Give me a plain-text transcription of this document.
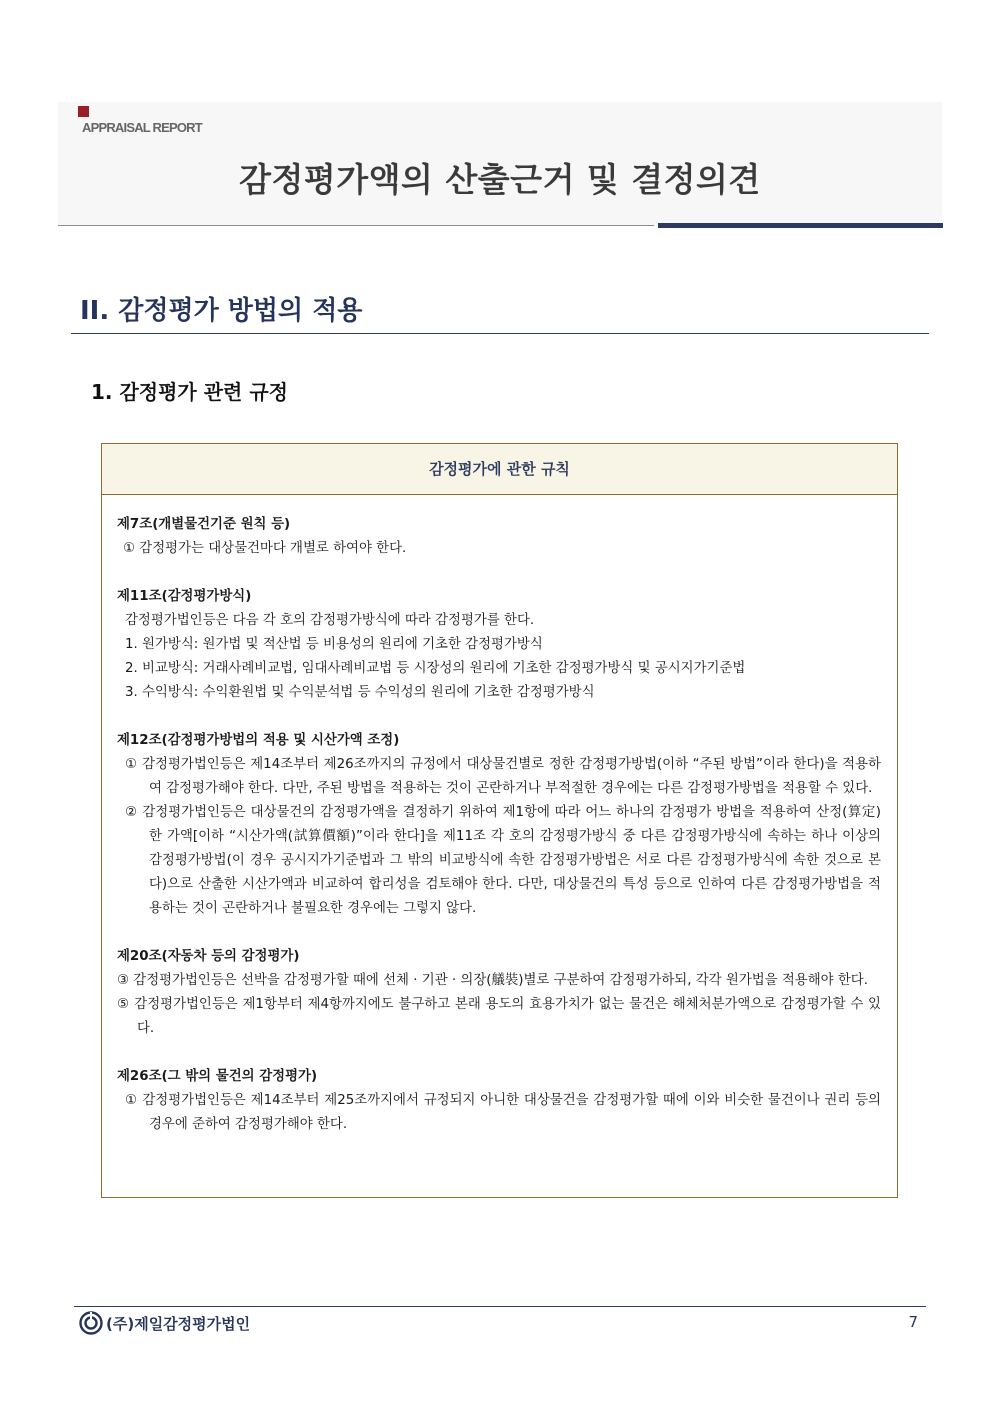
APPRAISAL REPORT
감정평가액의 산출근거 및 결정의견
II. 감정평가 방법의 적용
1. 감정평가 관련 규정
감정평가에 관한 규칙
제7조(개별물건기준 원칙 등)
① 감정평가는 대상물건마다 개별로 하여야 한다.
제11조(감정평가방식)
감정평가법인등은 다음 각 호의 감정평가방식에 따라 감정평가를 한다.
1. 원가방식: 원가법 및 적산법 등 비용성의 원리에 기초한 감정평가방식
2. 비교방식: 거래사례비교법, 임대사례비교법 등 시장성의 원리에 기초한 감정평가방식 및 공시지가기준법
3. 수익방식: 수익환원법 및 수익분석법 등 수익성의 원리에 기초한 감정평가방식
제12조(감정평가방법의 적용 및 시산가액 조정)
① 감정평가법인등은 제14조부터 제26조까지의 규정에서 대상물건별로 정한 감정평가방법(이하 “주된 방법”이라 한다)을 적용하여 감정평가해야 한다. 다만, 주된 방법을 적용하는 것이 곤란하거나 부적절한 경우에는 다른 감정평가방법을 적용할 수 있다.
② 감정평가법인등은 대상물건의 감정평가액을 결정하기 위하여 제1항에 따라 어느 하나의 감정평가 방법을 적용하여 산정(算定)한 가액[이하 “시산가액(試算價額)”이라 한다]을 제11조 각 호의 감정평가방식 중 다른 감정평가방식에 속하는 하나 이상의 감정평가방법(이 경우 공시지가기준법과 그 밖의 비교방식에 속한 감정평가방법은 서로 다른 감정평가방식에 속한 것으로 본다)으로 산출한 시산가액과 비교하여 합리성을 검토해야 한다. 다만, 대상물건의 특성 등으로 인하여 다른 감정평가방법을 적용하는 것이 곤란하거나 불필요한 경우에는 그렇지 않다.
제20조(자동차 등의 감정평가)
③ 감정평가법인등은 선박을 감정평가할 때에 선체 · 기관 · 의장(艤裝)별로 구분하여 감정평가하되, 각각 원가법을 적용해야 한다.
⑤ 감정평가법인등은 제1항부터 제4항까지에도 불구하고 본래 용도의 효용가치가 없는 물건은 해체처분가액으로 감정평가할 수 있다.
제26조(그 밖의 물건의 감정평가)
① 감정평가법인등은 제14조부터 제25조까지에서 규정되지 아니한 대상물건을 감정평가할 때에 이와 비슷한 물건이나 권리 등의 경우에 준하여 감정평가해야 한다.
(주)제일감정평가법인	7
